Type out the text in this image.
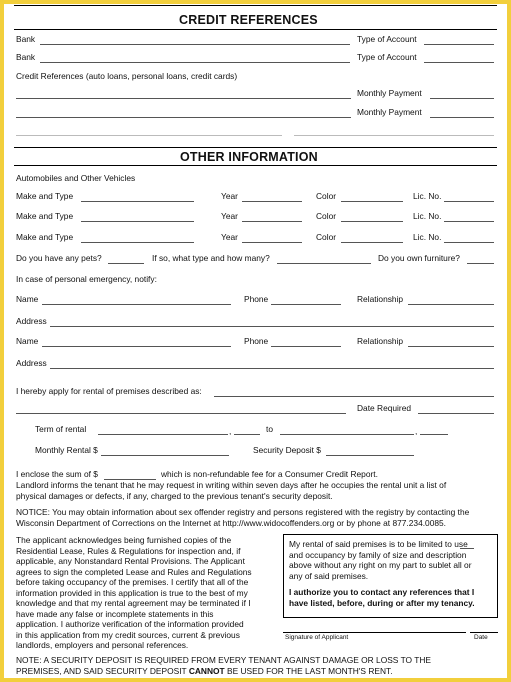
CREDIT REFERENCES
Bank	Type of Account
Bank	Type of Account
Credit References (auto loans, personal loans, credit cards)
Monthly Payment
Monthly Payment
OTHER INFORMATION
Automobiles and Other Vehicles
Make and Type	Year	Color	Lic. No.
Make and Type	Year	Color	Lic. No.
Make and Type	Year	Color	Lic. No.
Do you have any pets?	If so, what type and how many?	Do you own furniture?
In case of personal emergency, notify:
Name	Phone	Relationship
Address
Name	Phone	Relationship
Address
I hereby apply for rental of premises described as:
Date Required
Term of rental	,	to	,
Monthly Rental $	Security Deposit $
I enclose the sum of $	which is non-refundable fee for a Consumer Credit Report.
Landlord informs the tenant that he may request in writing within seven days after he occupies the rental unit a list of
physical damages or defects, if any, charged to the previous tenant's security deposit.
NOTICE: You may obtain information about sex offender registry and persons registered with the registry by contacting the
Wisconsin Department of Corrections on the Internet at http://www.widocoffenders.org or by phone at 877.234.0085.
The applicant acknowledges being furnished copies of the
Residential Lease, Rules & Regulations for inspection and, if
applicable, any Nonstandard Rental Provisions. The Applicant
agrees to sign the completed Lease and Rules and Regulations
before taking occupancy of the premises. I certify that all of the
information provided in this application is true to the best of my
knowledge and that my rental agreement may be terminated if I
have made any false or incomplete statements in this
application. I authorize verification of the information provided
in this application from my credit sources, current & previous
landlords, employers and personal references.
My rental of said premises is to be limited to use
and occupancy by family of size and description
above without any right on my part to sublet all or
any of said premises.
I authorize you to contact any references that I
have listed, before, during or after my tenancy.
Signature of Applicant	Date
NOTE: A SECURITY DEPOSIT IS REQUIRED FROM EVERY TENANT AGAINST DAMAGE OR LOSS TO THE
PREMISES, AND SAID SECURITY DEPOSIT CANNOT BE USED FOR THE LAST MONTH'S RENT.
